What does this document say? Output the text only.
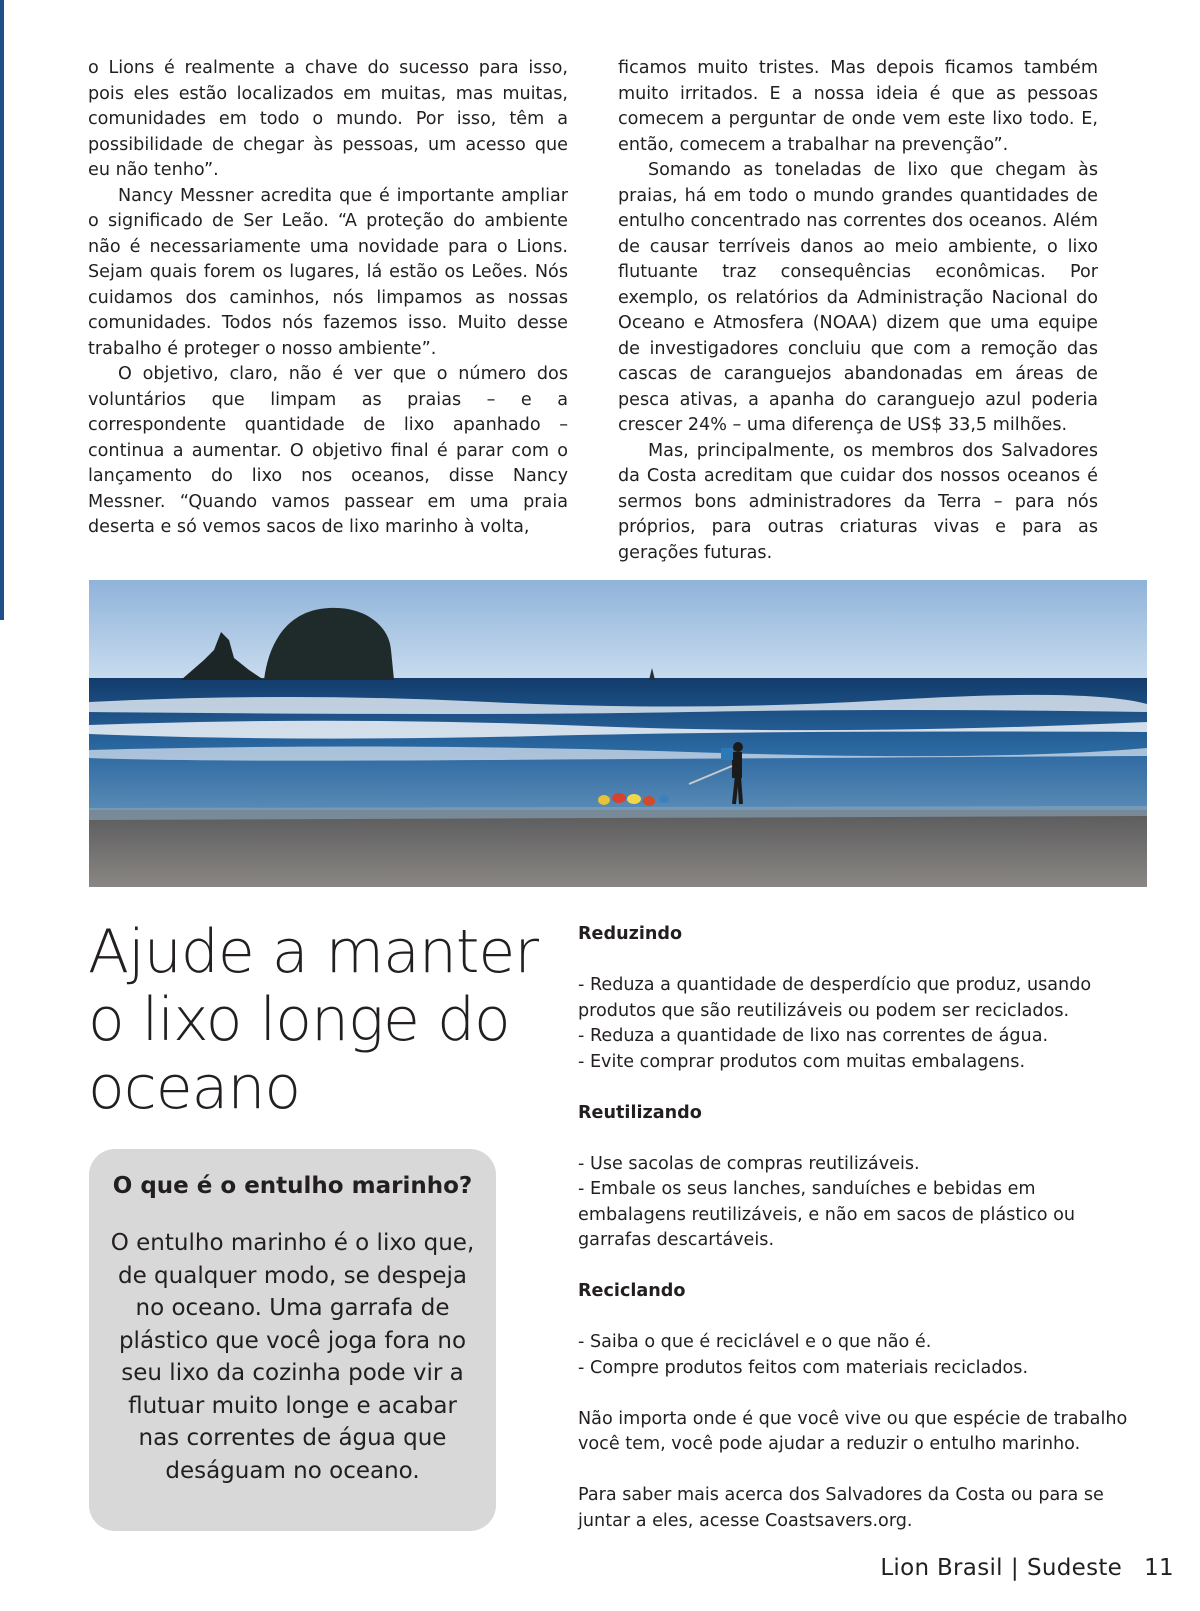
o Lions é realmente a chave do sucesso para isso, pois eles estão localizados em muitas, mas muitas, comunidades em todo o mundo. Por isso, têm a possibilidade de chegar às pessoas, um acesso que eu não tenho”.

Nancy Messner acredita que é importante ampliar o significado de Ser Leão. “A proteção do ambiente não é necessariamente uma novidade para o Lions. Sejam quais forem os lugares, lá estão os Leões. Nós cuidamos dos caminhos, nós limpamos as nossas comunidades. Todos nós fazemos isso. Muito desse trabalho é proteger o nosso ambiente”.

O objetivo, claro, não é ver que o número dos voluntários que limpam as praias – e a correspondente quantidade de lixo apanhado – continua a aumentar. O objetivo final é parar com o lançamento do lixo nos oceanos, disse Nancy Messner. “Quando vamos passear em uma praia deserta e só vemos sacos de lixo marinho à volta,

ficamos muito tristes. Mas depois ficamos também muito irritados. E a nossa ideia é que as pessoas comecem a perguntar de onde vem este lixo todo. E, então, comecem a trabalhar na prevenção”.

Somando as toneladas de lixo que chegam às praias, há em todo o mundo grandes quantidades de entulho concentrado nas correntes dos oceanos. Além de causar terríveis danos ao meio ambiente, o lixo flutuante traz consequências econômicas. Por exemplo, os relatórios da Administração Nacional do Oceano e Atmosfera (NOAA) dizem que uma equipe de investigadores concluiu que com a remoção das cascas de caranguejos abandonadas em áreas de pesca ativas, a apanha do caranguejo azul poderia crescer 24% – uma diferença de US$ 33,5 milhões.

Mas, principalmente, os membros dos Salvadores da Costa acreditam que cuidar dos nossos oceanos é sermos bons administradores da Terra – para nós próprios, para outras criaturas vivas e para as gerações futuras.

Ajude a manter o lixo longe do oceano
O que é o entulho marinho?

O entulho marinho é o lixo que, de qualquer modo, se despeja no oceano. Uma garrafa de plástico que você joga fora no seu lixo da cozinha pode vir a flutuar muito longe e acabar nas correntes de água que deságuam no oceano.

Reduzindo
- Reduza a quantidade de desperdício que produz, usando produtos que são reutilizáveis ou podem ser reciclados.
- Reduza a quantidade de lixo nas correntes de água.
- Evite comprar produtos com muitas embalagens.
Reutilizando
- Use sacolas de compras reutilizáveis.
- Embale os seus lanches, sanduíches e bebidas em embalagens reutilizáveis, e não em sacos de plástico ou garrafas descartáveis.
Reciclando
- Saiba o que é reciclável e o que não é.
- Compre produtos feitos com materiais reciclados.

Não importa onde é que você vive ou que espécie de trabalho você tem, você pode ajudar a reduzir o entulho marinho.

Para saber mais acerca dos Salvadores da Costa ou para se juntar a eles, acesse Coastsavers.org.

Lion Brasil | Sudeste 11
